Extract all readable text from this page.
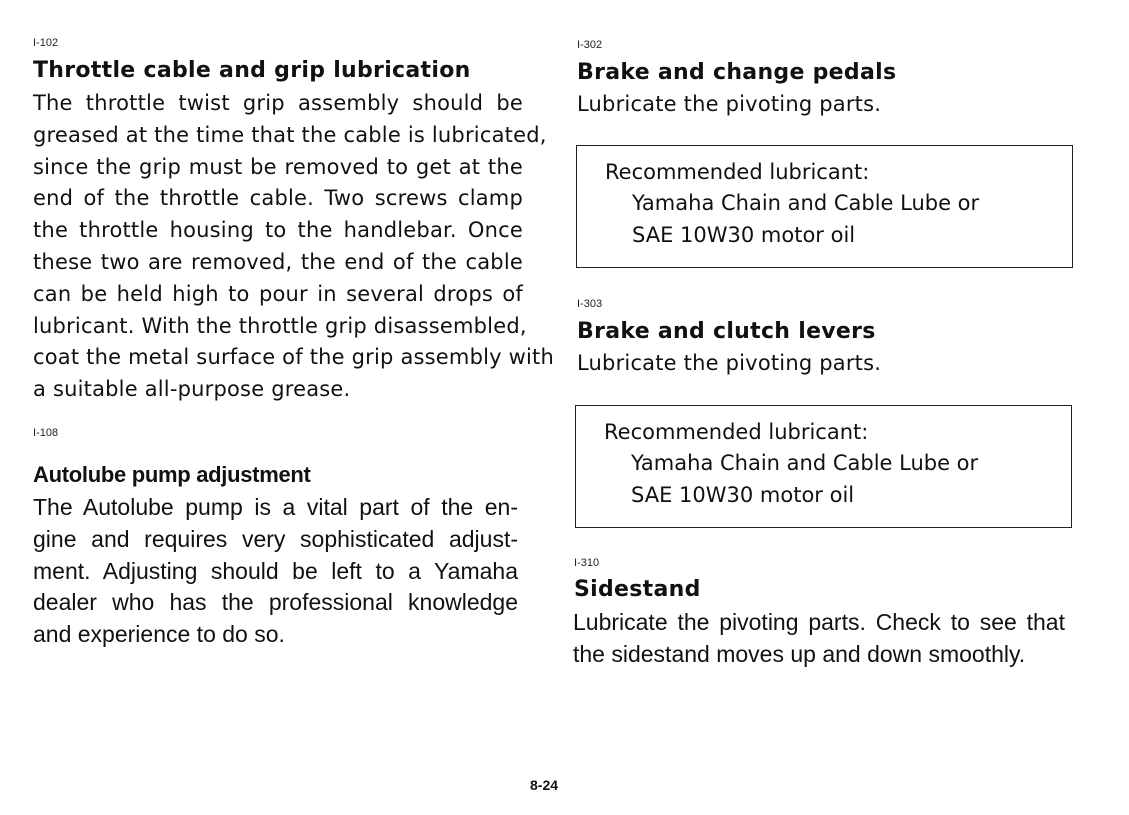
I-102
Throttle cable and grip lubrication
The throttle twist grip assembly should be
greased at the time that the cable is lubricated,
since the grip must be removed to get at the
end of the throttle cable. Two screws clamp
the throttle housing to the handlebar. Once
these two are removed, the end of the cable
can be held high to pour in several drops of
lubricant. With the throttle grip disassembled,
coat the metal surface of the grip assembly with
a suitable all-purpose grease.
I-108
Autolube pump adjustment
The Autolube pump is a vital part of the en-
gine and requires very sophisticated adjust-
ment. Adjusting should be left to a Yamaha
dealer who has the professional knowledge
and experience to do so.
I-302
Brake and change pedals
Lubricate the pivoting parts.
Recommended lubricant:
Yamaha Chain and Cable Lube or
SAE 10W30 motor oil
I-303
Brake and clutch levers
Lubricate the pivoting parts.
Recommended lubricant:
Yamaha Chain and Cable Lube or
SAE 10W30 motor oil
I-310
Sidestand
Lubricate the pivoting parts. Check to see that
the sidestand moves up and down smoothly.
8-24
